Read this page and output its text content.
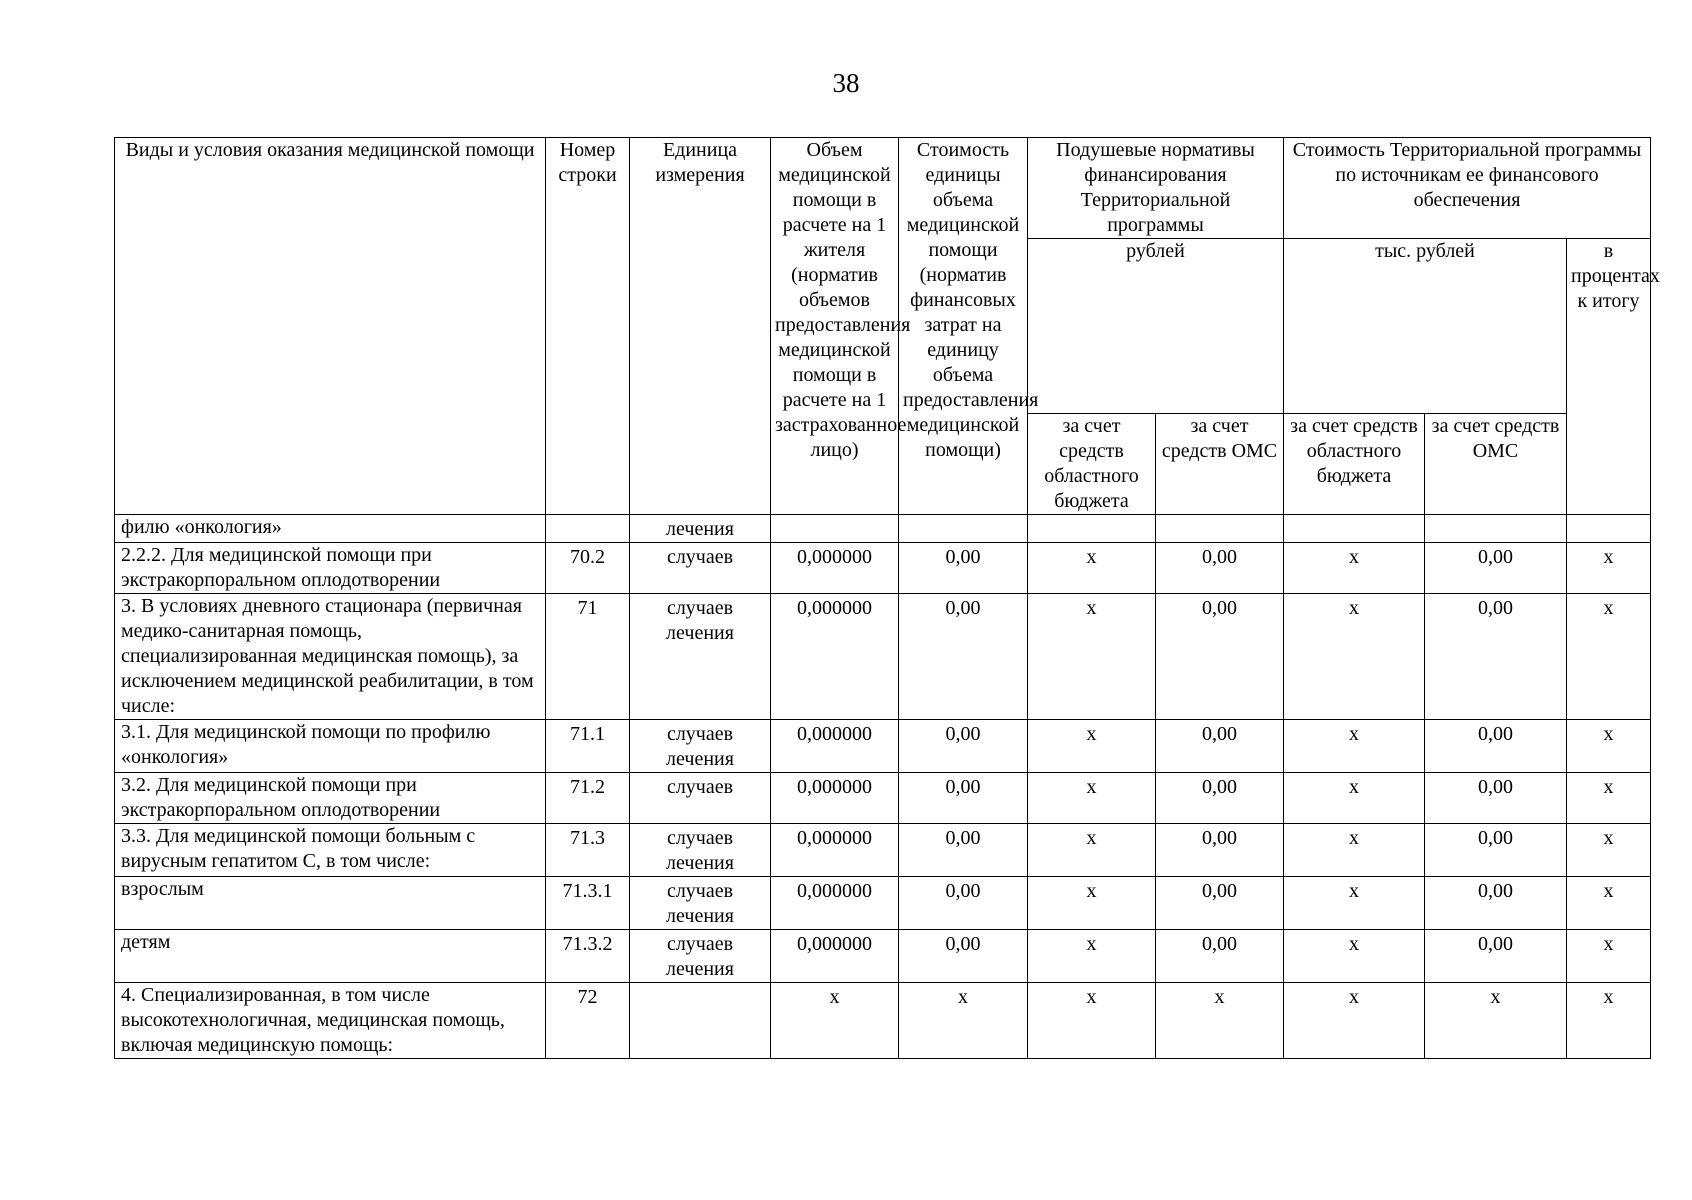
38
Виды и условия оказания медицинской помощи	Номер строки	Единица измерения	Объем медицинской помощи в расчете на 1 жителя (норматив объемов предоставления медицинской помощи в расчете на 1 застрахованное лицо)	Стоимость единицы объема медицинской помощи (норматив финансовых затрат на единицу объема предоставления медицинской помощи)	Подушевые нормативы финансирования Территориальной программы		Стоимость Территориальной программы по источникам ее финансового обеспечения		
					рублей		тыс. рублей		в процентах к итогу
					за счет средств областного бюджета	за счет средств ОМС	за счет средств областного бюджета	за счет средств ОМС	
филю «онкология»		лечения							
2.2.2. Для медицинской помощи при экстракорпоральном оплодотворении	70.2	случаев	0,000000	0,00	х	0,00	х	0,00	х
3. В условиях дневного стационара (первичная медико-санитарная помощь, специализированная медицинская помощь), за исключением медицинской реабилитации, в том числе:	71	случаев лечения	0,000000	0,00	х	0,00	х	0,00	х
3.1. Для медицинской помощи по профилю «онкология»	71.1	случаев лечения	0,000000	0,00	х	0,00	х	0,00	х
3.2. Для медицинской помощи при экстракорпоральном оплодотворении	71.2	случаев	0,000000	0,00	х	0,00	х	0,00	х
3.3. Для медицинской помощи больным с вирусным гепатитом С, в том числе:	71.3	случаев лечения	0,000000	0,00	х	0,00	х	0,00	х
взрослым	71.3.1	случаев лечения	0,000000	0,00	х	0,00	х	0,00	х
детям	71.3.2	случаев лечения	0,000000	0,00	х	0,00	х	0,00	х
4. Специализированная, в том числе высокотехнологичная, медицинская помощь, включая медицинскую помощь:	72		х	х	х	х	х	х	х
